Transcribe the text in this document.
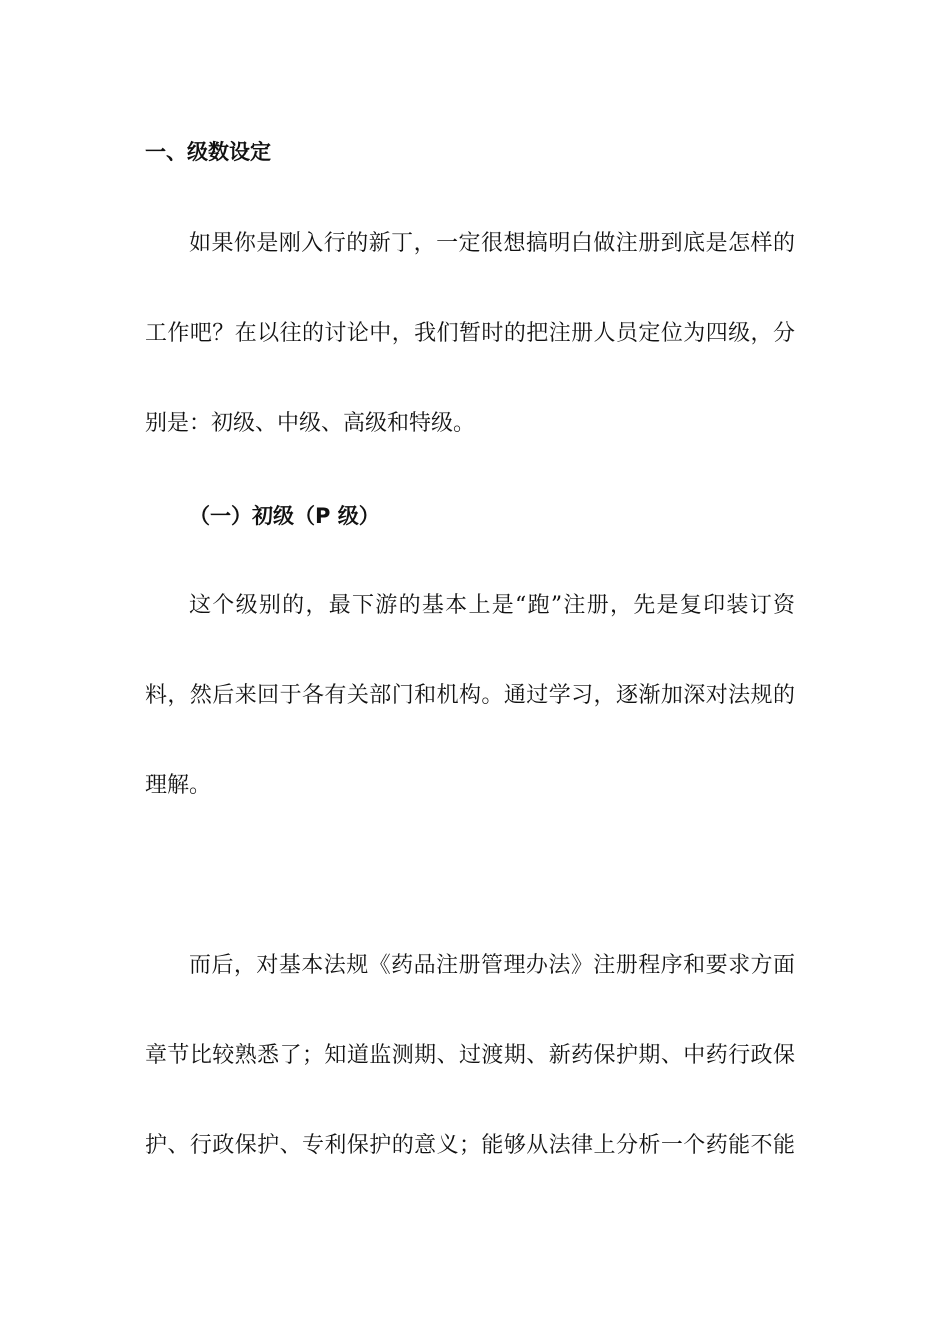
一、级数设定
如果你是刚入行的新丁，一定很想搞明白做注册到底是怎样的
工作吧？在以往的讨论中，我们暂时的把注册人员定位为四级，分
别是：初级、中级、高级和特级。
（一）初级（P 级）
这个级别的，最下游的基本上是“跑”注册，先是复印装订资
料，然后来回于各有关部门和机构。通过学习，逐渐加深对法规的
理解。
而后，对基本法规《药品注册管理办法》注册程序和要求方面
章节比较熟悉了；知道监测期、过渡期、新药保护期、中药行政保
护、行政保护、专利保护的意义；能够从法律上分析一个药能不能
